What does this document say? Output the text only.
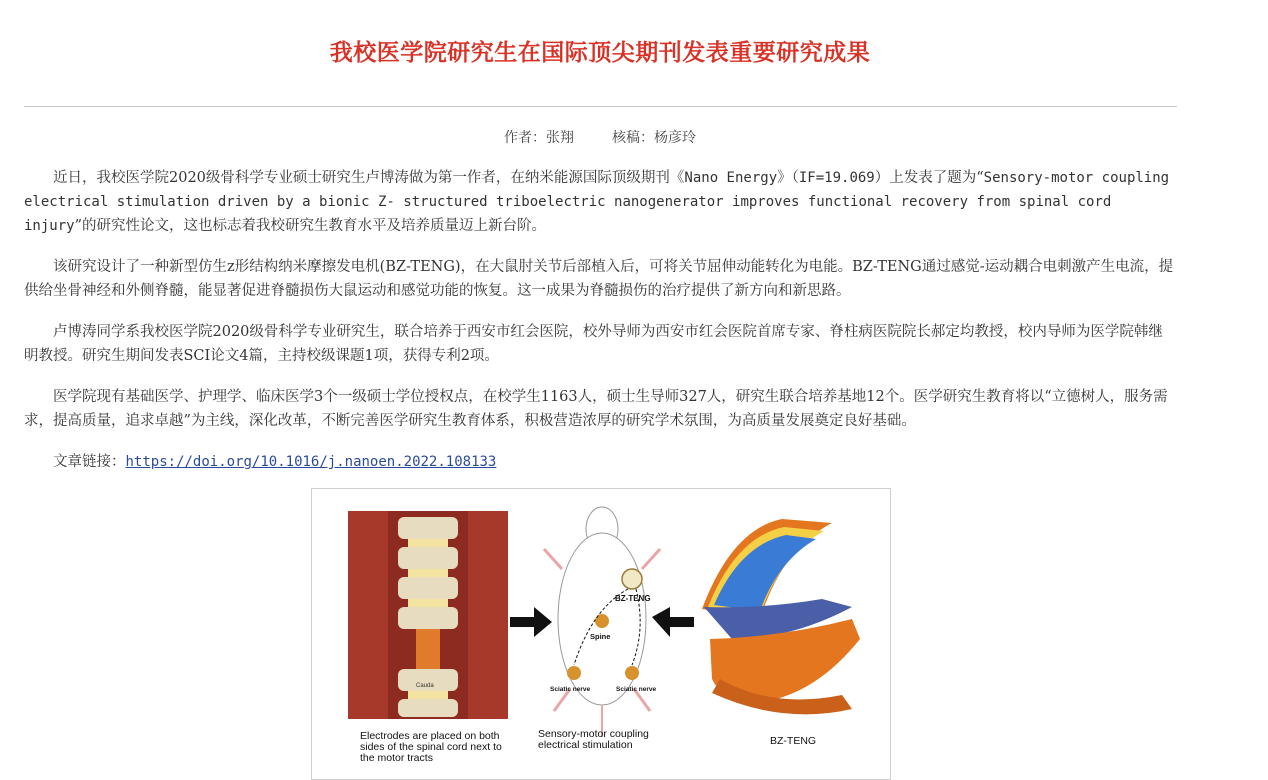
我校医学院研究生在国际顶尖期刊发表重要研究成果
作者：张翔	核稿：杨彦玲

近日，我校医学院2020级骨科学专业硕士研究生卢博涛做为第一作者，在纳米能源国际顶级期刊《Nano Energy》（IF=19.069）上发表了题为“Sensory-motor coupling electrical stimulation driven by a bionic Z- structured triboelectric nanogenerator improves functional recovery from spinal cord injury”的研究性论文，这也标志着我校研究生教育水平及培养质量迈上新台阶。

该研究设计了一种新型仿生z形结构纳米摩擦发电机(BZ-TENG)，在大鼠肘关节后部植入后，可将关节屈伸动能转化为电能。BZ-TENG通过感觉-运动耦合电刺激产生电流，提供给坐骨神经和外侧脊髓，能显著促进脊髓损伤大鼠运动和感觉功能的恢复。这一成果为脊髓损伤的治疗提供了新方向和新思路。

卢博涛同学系我校医学院2020级骨科学专业研究生，联合培养于西安市红会医院，校外导师为西安市红会医院首席专家、脊柱病医院院长郝定均教授，校内导师为医学院韩继明教授。研究生期间发表SCI论文4篇，主持校级课题1项，获得专利2项。

医学院现有基础医学、护理学、临床医学3个一级硕士学位授权点，在校学生1163人，硕士生导师327人，研究生联合培养基地12个。医学研究生教育将以“立德树人，服务需求，提高质量，追求卓越”为主线，深化改革，不断完善医学研究生教育体系，积极营造浓厚的研究学术氛围，为高质量发展奠定良好基础。

文章链接：https://doi.org/10.1016/j.nanoen.2022.108133

Cauda
BZ-TENG
Spine
Sciatic nerve	Sciatic nerve
Electrodes are placed on both sides of the spinal cord next to the motor tracts
Sensory-motor coupling electrical stimulation	BZ-TENG
